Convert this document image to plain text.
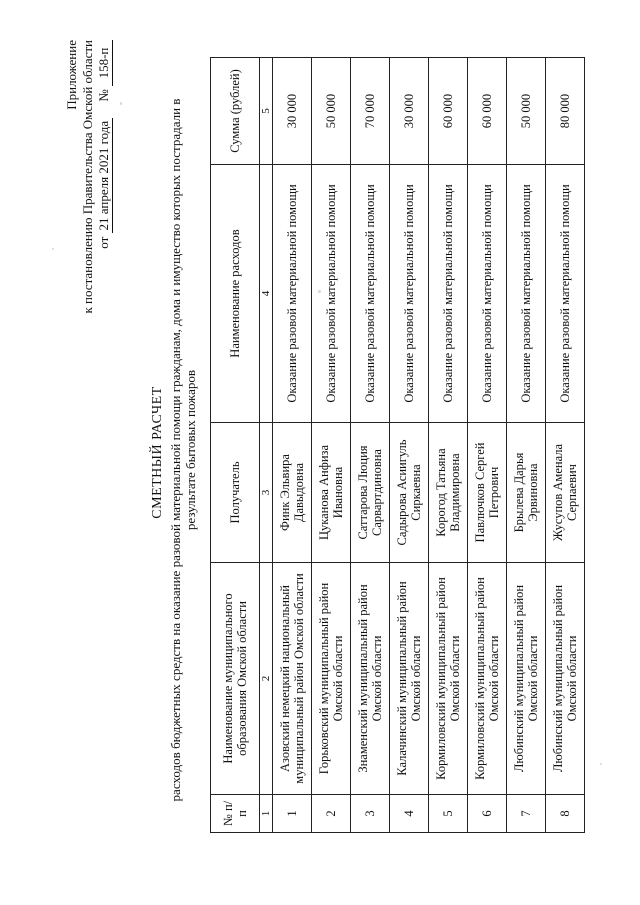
Приложение к постановлению Правительства Омской области от 21 апреля 2021 года     № 158-п
СМЕТНЫЙ РАСЧЕТ расходов бюджетных средств на оказание разовой материальной помощи гражданам, дома и имущество которых пострадали в результате бытовых пожаров
№ п/п	Наименование муниципального образования Омской области	Получатель	Наименование расходов	Сумма (рублей)
1	2	3	4	5
1	Азовский немецкий национальный муниципальный район Омской области	Финк Эльвира Давыдовна	Оказание разовой материальной помощи	30 000
2	Горьковский муниципальный район Омской области	Цуканова Анфиза Ивановна	Оказание разовой материальной помощи	50 000
3	Знаменский муниципальный район Омской области	Саттарова Люция Сарвартдиновна	Оказание разовой материальной помощи	70 000
4	Калачинский муниципальный район Омской области	Садырова Асиигуль Сиркаевна	Оказание разовой материальной помощи	30 000
5	Кормиловский муниципальный район Омской области	Корогод Татьяна Владимировна	Оказание разовой материальной помощи	60 000
6	Кормиловский муниципальный район Омской области	Павлючков Сергей Петрович	Оказание разовой материальной помощи	60 000
7	Любинский муниципальный район Омской области	Брылева Дарья Эрвиновна	Оказание разовой материальной помощи	50 000
8	Любинский муниципальный район Омской области	Жусупов Аменала Серпаевич	Оказание разовой материальной помощи	80 000
